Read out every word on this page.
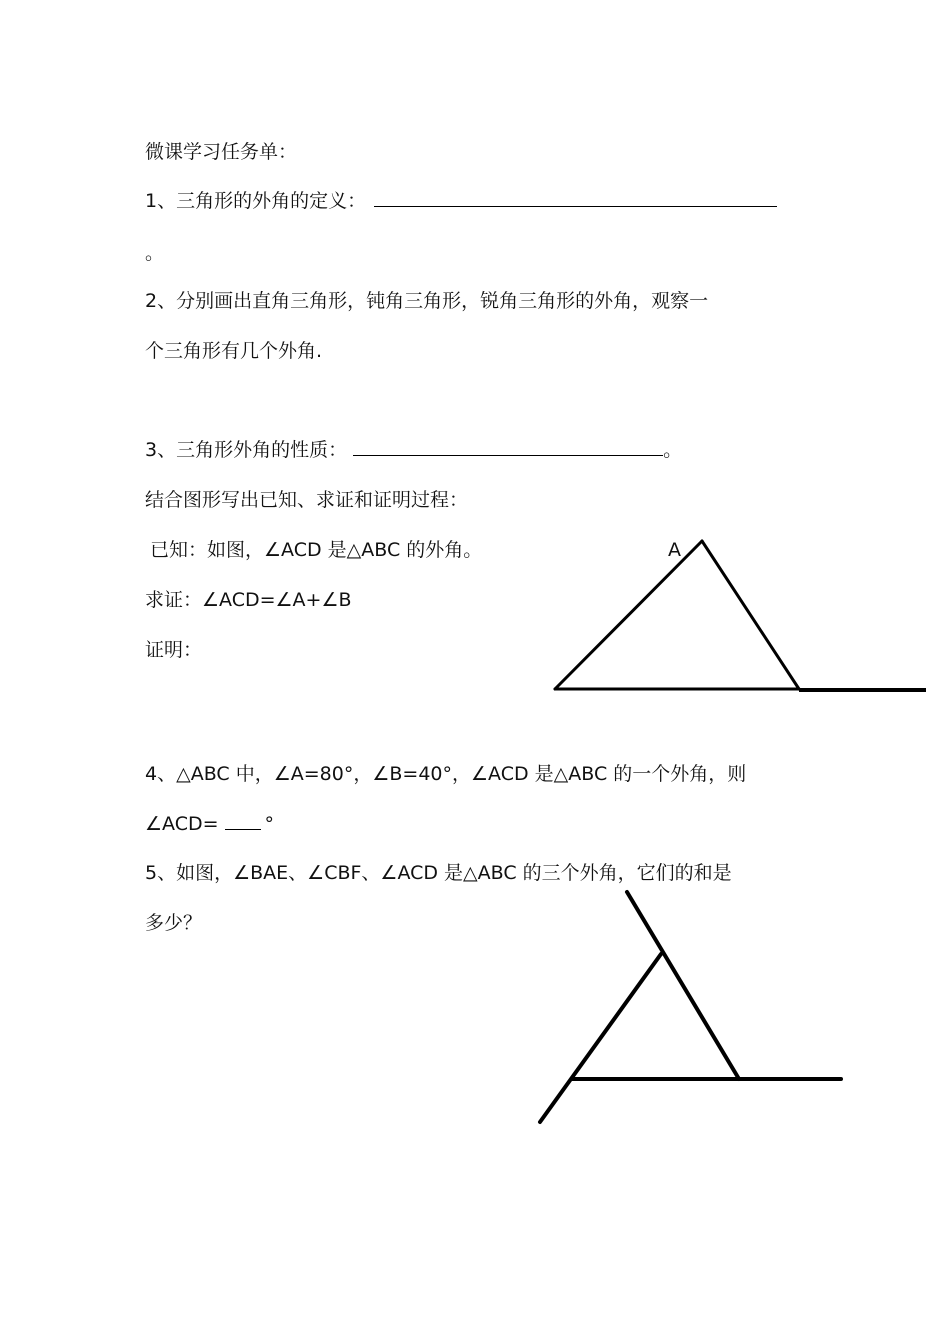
微课学习任务单：
1、三角形的外角的定义：
。
2、分别画出直角三角形，钝角三角形，锐角三角形的外角，观察一
个三角形有几个外角.
3、三角形外角的性质：	。
结合图形写出已知、求证和证明过程：
已知：如图，∠ACD 是△ABC 的外角。
求证：∠ACD=∠A+∠B
证明：
A
4、△ABC 中，∠A=80°，∠B=40°，∠ACD 是△ABC 的一个外角，则
∠ACD= °
5、如图，∠BAE、∠CBF、∠ACD 是△ABC 的三个外角，它们的和是
多少？
